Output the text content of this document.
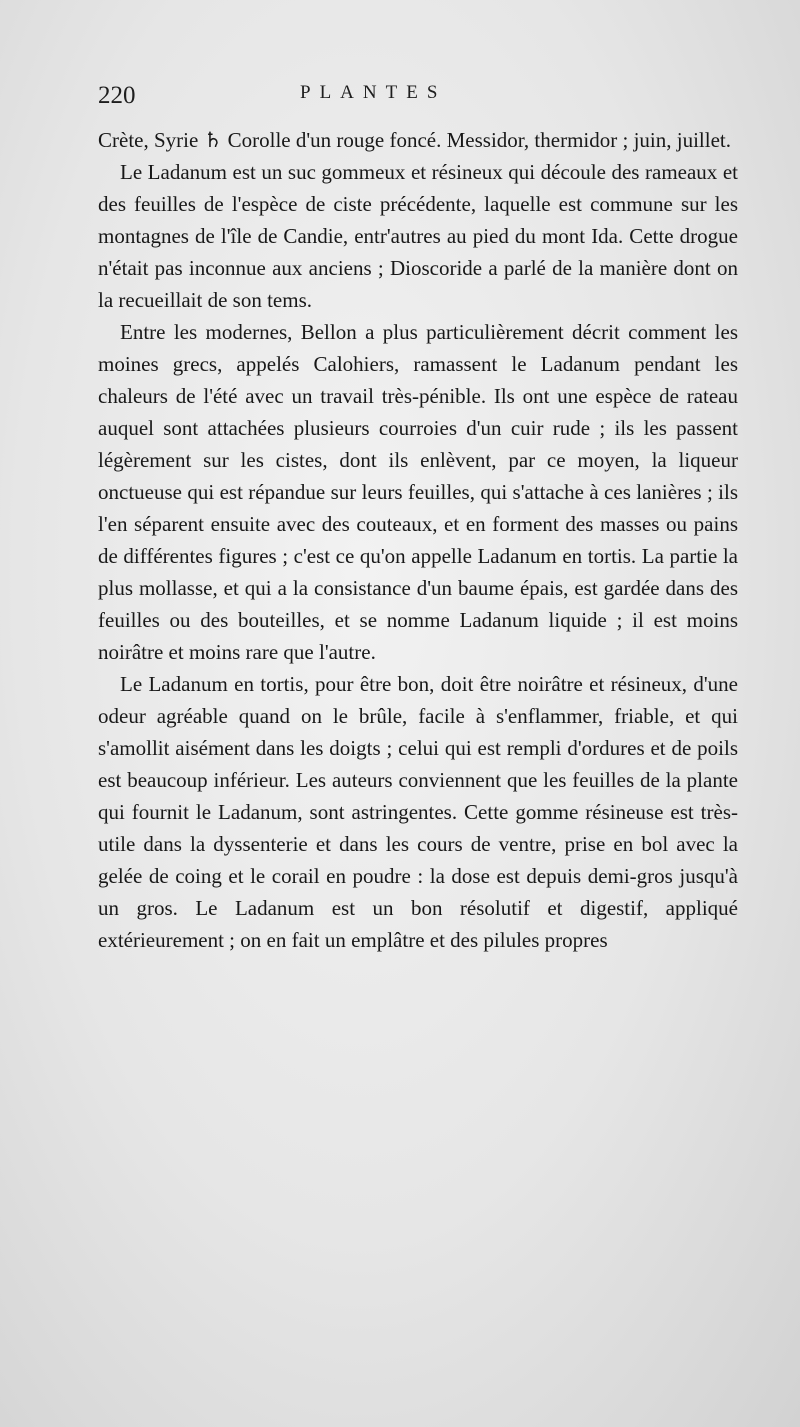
220	PLANTES

Crète, Syrie ♄ Corolle d'un rouge foncé. Messidor, thermidor ; juin, juillet.

Le Ladanum est un suc gommeux et résineux qui découle des rameaux et des feuilles de l'espèce de ciste précédente, laquelle est commune sur les montagnes de l'île de Candie, entr'autres au pied du mont Ida. Cette drogue n'était pas inconnue aux anciens ; Dioscoride a parlé de la manière dont on la recueillait de son tems.

Entre les modernes, Bellon a plus particulièrement décrit comment les moines grecs, appelés Calohiers, ramassent le Ladanum pendant les chaleurs de l'été avec un travail très-pénible. Ils ont une espèce de rateau auquel sont attachées plusieurs courroies d'un cuir rude ; ils les passent légèrement sur les cistes, dont ils enlèvent, par ce moyen, la liqueur onctueuse qui est répandue sur leurs feuilles, qui s'attache à ces lanières ; ils l'en séparent ensuite avec des couteaux, et en forment des masses ou pains de différentes figures ; c'est ce qu'on appelle Ladanum en tortis. La partie la plus mollasse, et qui a la consistance d'un baume épais, est gardée dans des feuilles ou des bouteilles, et se nomme Ladanum liquide ; il est moins noirâtre et moins rare que l'autre.

Le Ladanum en tortis, pour être bon, doit être noirâtre et résineux, d'une odeur agréable quand on le brûle, facile à s'enflammer, friable, et qui s'amollit aisément dans les doigts ; celui qui est rempli d'ordures et de poils est beaucoup inférieur. Les auteurs conviennent que les feuilles de la plante qui fournit le Ladanum, sont astringentes. Cette gomme résineuse est très-utile dans la dyssenterie et dans les cours de ventre, prise en bol avec la gelée de coing et le corail en poudre : la dose est depuis demi-gros jusqu'à un gros. Le Ladanum est un bon résolutif et digestif, appliqué extérieurement ; on en fait un emplâtre et des pilules propres
